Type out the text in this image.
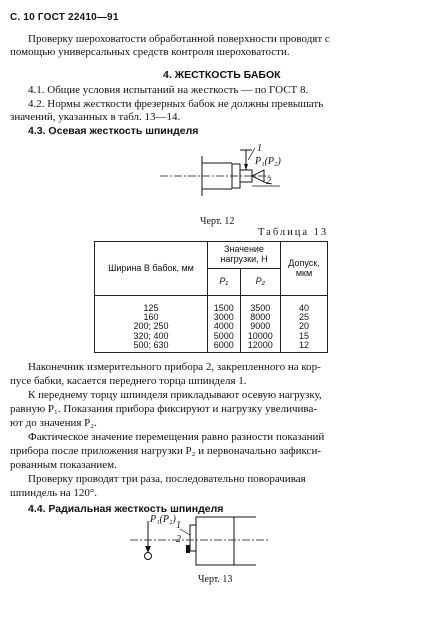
С. 10 ГОСТ 22410—91
Проверку шероховатости обработанной поверхности проводят с
помощью универсальных средств контроля шероховатости.
4. ЖЕСТКОСТЬ БАБОК
4.1. Общие условия испытаний на жесткость — по ГОСТ 8.
4.2. Нормы жесткости фрезерных бабок не должны превышать
значений, указанных в табл. 13—14.
4.3. Осевая жесткость шпинделя
1
P₁(P₂)
2
Черт. 12
Таблица 13
Ширина B бабок, мм	Значение нагрузки, Н		Допуск, мкм
	P₁	P₂	
125	1500	3500	40
160	3000	8000	25
200; 250	4000	9000	20
320; 400	5000	10000	15
500; 630	6000	12000	12
Наконечник измерительного прибора 2, закрепленного на кор-
пусе бабки, касается переднего торца шпинделя 1.
К переднему торцу шпинделя прикладывают осевую нагрузку,
равную P₁. Показания прибора фиксируют и нагрузку увеличива-
ют до значения P₂.
Фактическое значение перемещения равно разности показаний
прибора после приложения нагрузки P₂ и первоначально зафикси-
рованным показанием.
Проверку проводят три раза, последовательно поворачивая
шпиндель на 120°.
4.4. Радиальная жесткость шпинделя
P₁(P₂)
1
2
Черт. 13
